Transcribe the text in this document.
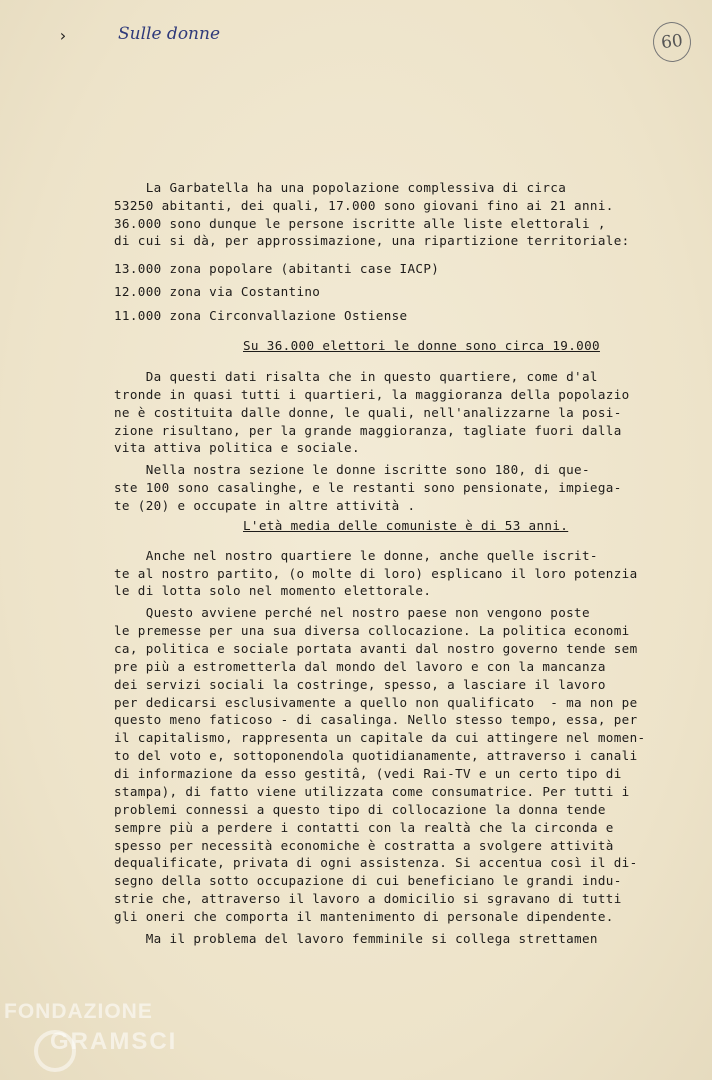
›	Sulle donne	60
La Garbatella ha una popolazione complessiva di circa
53250 abitanti, dei quali, 17.000 sono giovani fino ai 21 anni.
36.000 sono dunque le persone iscritte alle liste elettorali ,
di cui si dà, per approssimazione, una ripartizione territoriale:
13.000 zona popolare (abitanti case IACP)
12.000 zona via Costantino
11.000 zona Circonvallazione Ostiense
Su 36.000 elettori le donne sono circa 19.000
Da questi dati risalta che in questo quartiere, come d'al
tronde in quasi tutti i quartieri, la maggioranza della popolazio
ne è costituita dalle donne, le quali, nell'analizzarne la posi-
zione risultano, per la grande maggioranza, tagliate fuori dalla
vita attiva politica e sociale.
Nella nostra sezione le donne iscritte sono 180, di que-
ste 100 sono casalinghe, e le restanti sono pensionate, impiega-
te (20) e occupate in altre attività .
L'età media delle comuniste è di 53 anni.
Anche nel nostro quartiere le donne, anche quelle iscrit-
te al nostro partito, (o molte di loro) esplicano il loro potenzia
le di lotta solo nel momento elettorale.
Questo avviene perché nel nostro paese non vengono poste
le premesse per una sua diversa collocazione. La politica economi
ca, politica e sociale portata avanti dal nostro governo tende sem
pre più a estrometterla dal mondo del lavoro e con la mancanza
dei servizi sociali la costringe, spesso, a lasciare il lavoro
per dedicarsi esclusivamente a quello non qualificato  - ma non pe
questo meno faticoso - di casalinga. Nello stesso tempo, essa, per
il capitalismo, rappresenta un capitale da cui attingere nel momen-
to del voto e, sottoponendola quotidianamente, attraverso i canali
di informazione da esso gestitâ, (vedi Rai-TV e un certo tipo di
stampa), di fatto viene utilizzata come consumatrice. Per tutti i
problemi connessi a questo tipo di collocazione la donna tende
sempre più a perdere i contatti con la realtà che la circonda e
spesso per necessità economiche è costratta a svolgere attività
dequalificate, privata di ogni assistenza. Si accentua così il di-
segno della sotto occupazione di cui beneficiano le grandi indu-
strie che, attraverso il lavoro a domicilio si sgravano di tutti
gli oneri che comporta il mantenimento di personale dipendente.
Ma il problema del lavoro femminile si collega strettamen
FONDAZIONE
GRAMSCI
